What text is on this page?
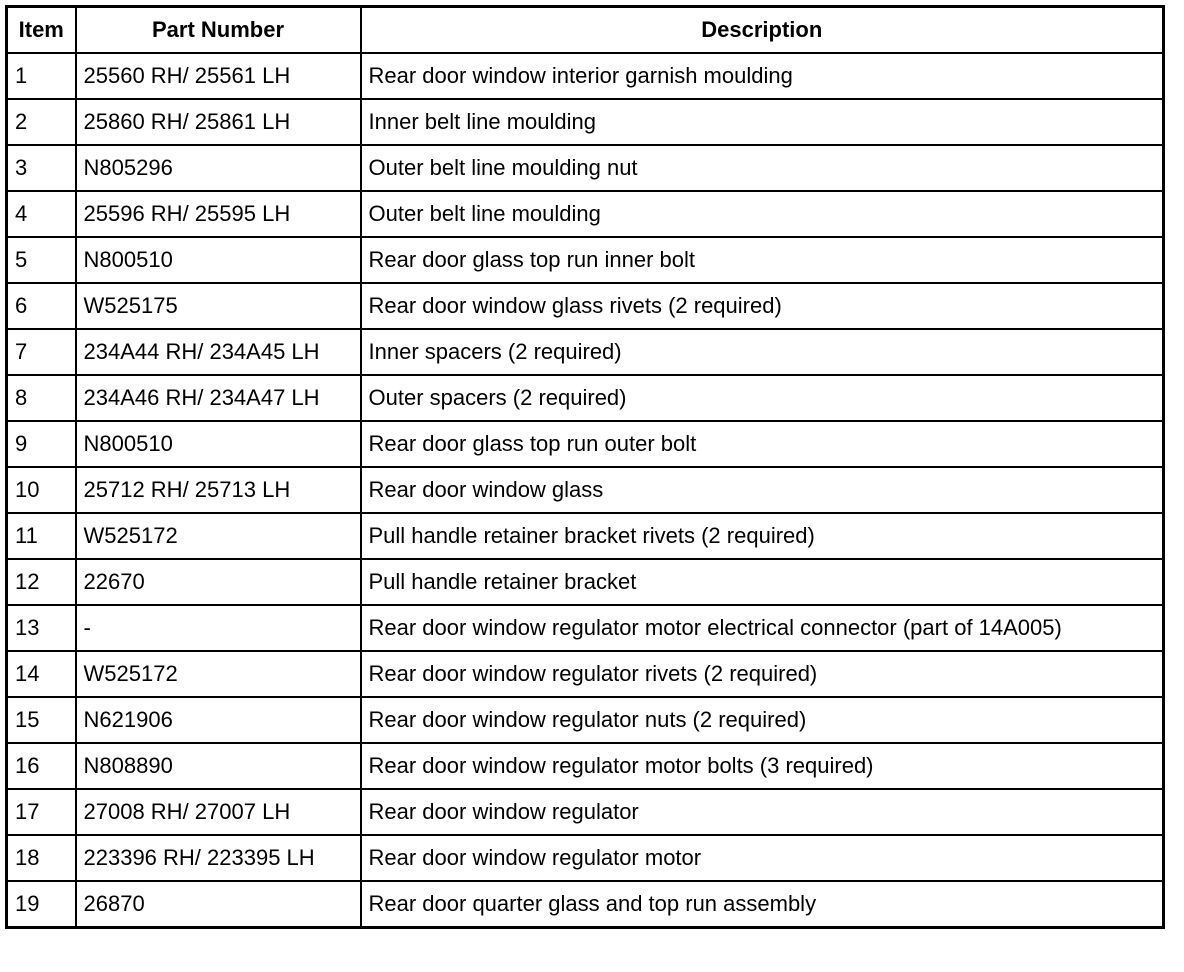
Item	Part Number	Description
1	25560 RH/ 25561 LH	Rear door window interior garnish moulding
2	25860 RH/ 25861 LH	Inner belt line moulding
3	N805296	Outer belt line moulding nut
4	25596 RH/ 25595 LH	Outer belt line moulding
5	N800510	Rear door glass top run inner bolt
6	W525175	Rear door window glass rivets (2 required)
7	234A44 RH/ 234A45 LH	Inner spacers (2 required)
8	234A46 RH/ 234A47 LH	Outer spacers (2 required)
9	N800510	Rear door glass top run outer bolt
10	25712 RH/ 25713 LH	Rear door window glass
11	W525172	Pull handle retainer bracket rivets (2 required)
12	22670	Pull handle retainer bracket
13	-	Rear door window regulator motor electrical connector (part of 14A005)
14	W525172	Rear door window regulator rivets (2 required)
15	N621906	Rear door window regulator nuts (2 required)
16	N808890	Rear door window regulator motor bolts (3 required)
17	27008 RH/ 27007 LH	Rear door window regulator
18	223396 RH/ 223395 LH	Rear door window regulator motor
19	26870	Rear door quarter glass and top run assembly
